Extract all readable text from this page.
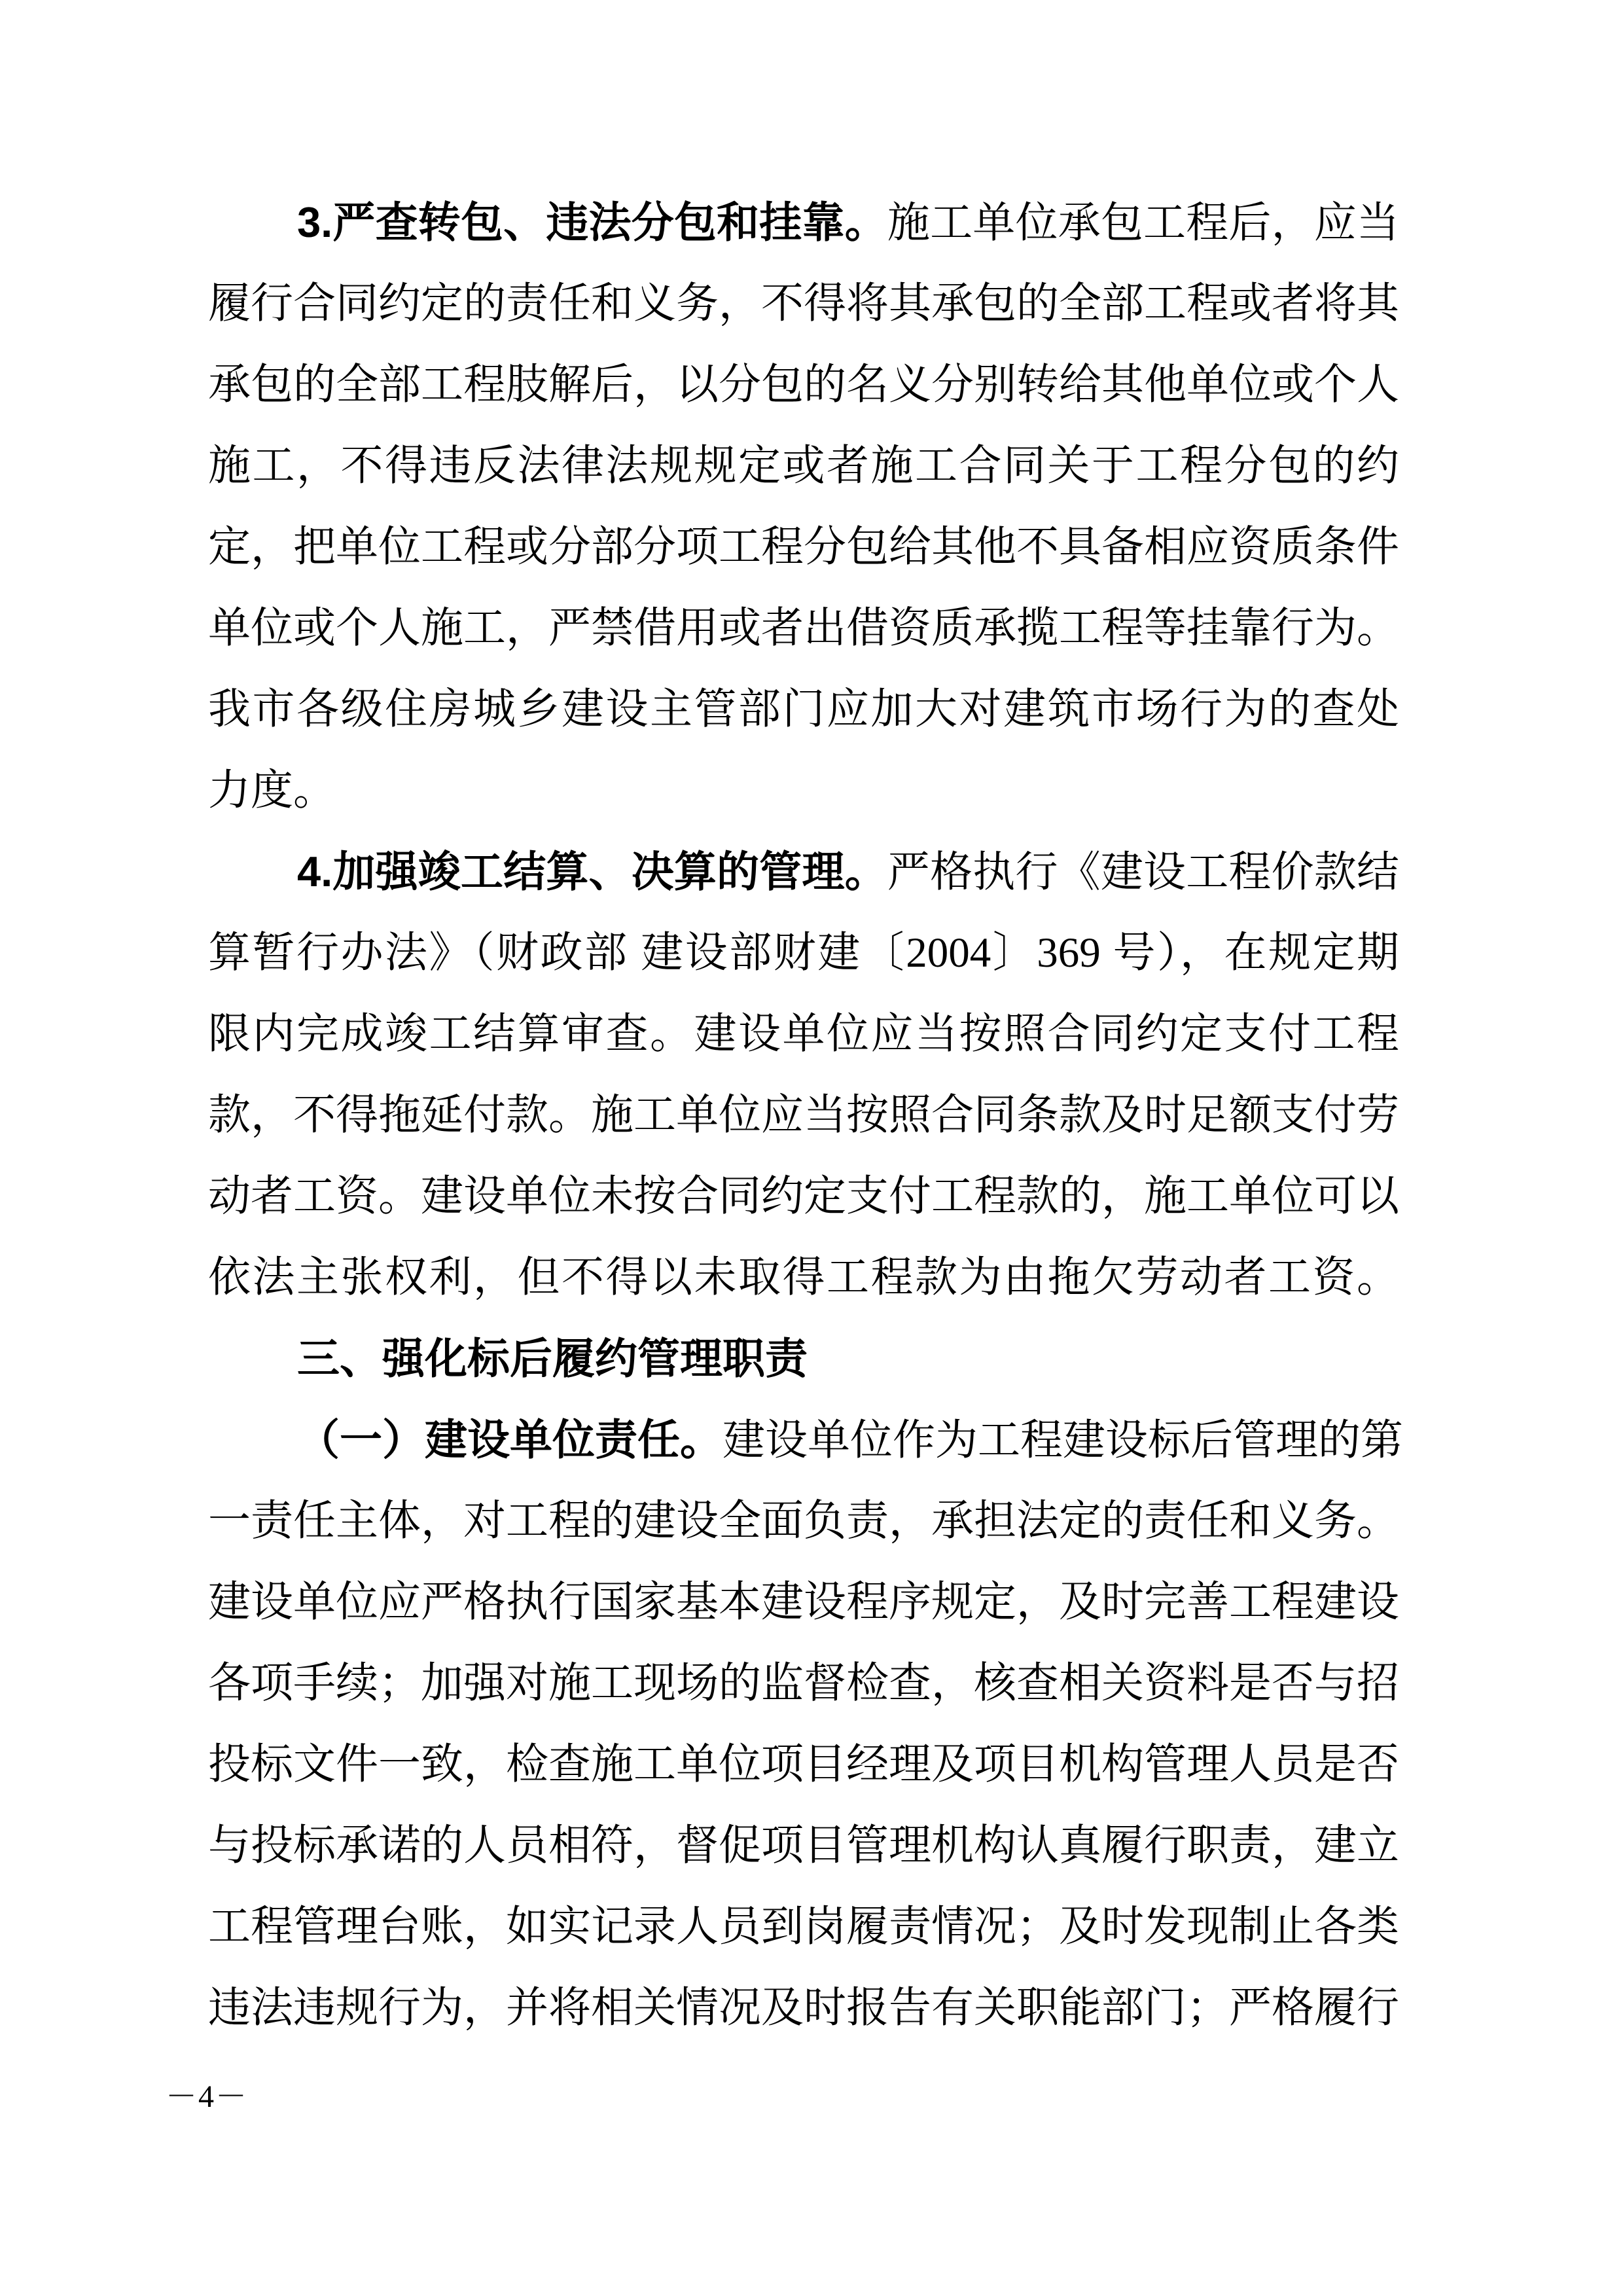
3.严查转包、违法分包和挂靠。施工单位承包工程后，应当
履行合同约定的责任和义务，不得将其承包的全部工程或者将其
承包的全部工程肢解后，以分包的名义分别转给其他单位或个人
施工，不得违反法律法规规定或者施工合同关于工程分包的约
定，把单位工程或分部分项工程分包给其他不具备相应资质条件
单位或个人施工，严禁借用或者出借资质承揽工程等挂靠行为。
我市各级住房城乡建设主管部门应加大对建筑市场行为的查处
力度。
4.加强竣工结算、决算的管理。严格执行《建设工程价款结
算暂行办法》（财政部 建设部财建〔2004〕369 号），在规定期
限内完成竣工结算审查。建设单位应当按照合同约定支付工程
款，不得拖延付款。施工单位应当按照合同条款及时足额支付劳
动者工资。建设单位未按合同约定支付工程款的，施工单位可以
依法主张权利，但不得以未取得工程款为由拖欠劳动者工资。
三、强化标后履约管理职责
（一）建设单位责任。建设单位作为工程建设标后管理的第
一责任主体，对工程的建设全面负责，承担法定的责任和义务。
建设单位应严格执行国家基本建设程序规定，及时完善工程建设
各项手续；加强对施工现场的监督检查，核查相关资料是否与招
投标文件一致，检查施工单位项目经理及项目机构管理人员是否
与投标承诺的人员相符，督促项目管理机构认真履行职责，建立
工程管理台账，如实记录人员到岗履责情况；及时发现制止各类
违法违规行为，并将相关情况及时报告有关职能部门；严格履行
－4－
